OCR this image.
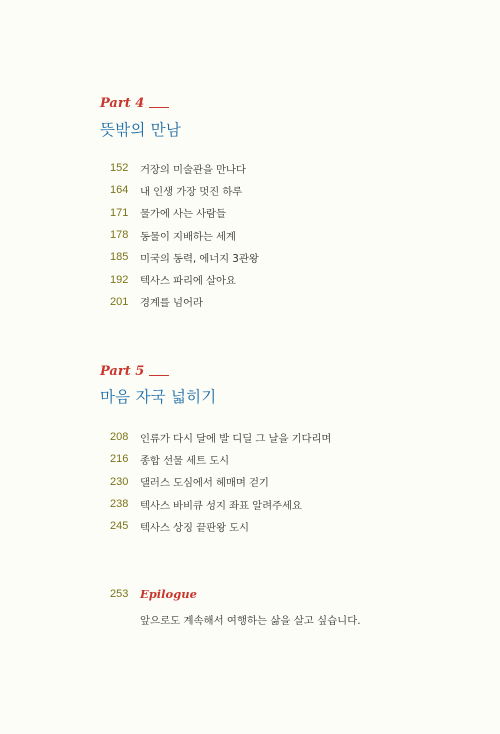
Part 4
뜻밖의 만남
152	거장의 미술관을 만나다
164	내 인생 가장 멋진 하루
171	물가에 사는 사람들
178	동물이 지배하는 세계
185	미국의 동력, 에너지 3관왕
192	텍사스 파리에 살아요
201	경계를 넘어라
Part 5
마음 자국 넓히기
208	인류가 다시 달에 발 디딜 그 날을 기다리며
216	종합 선물 세트 도시
230	댈러스 도심에서 헤매며 걷기
238	텍사스 바비큐 성지 좌표 알려주세요
245	텍사스 상징 끝판왕 도시
253	Epilogue
앞으로도 계속해서 여행하는 삶을 살고 싶습니다.
